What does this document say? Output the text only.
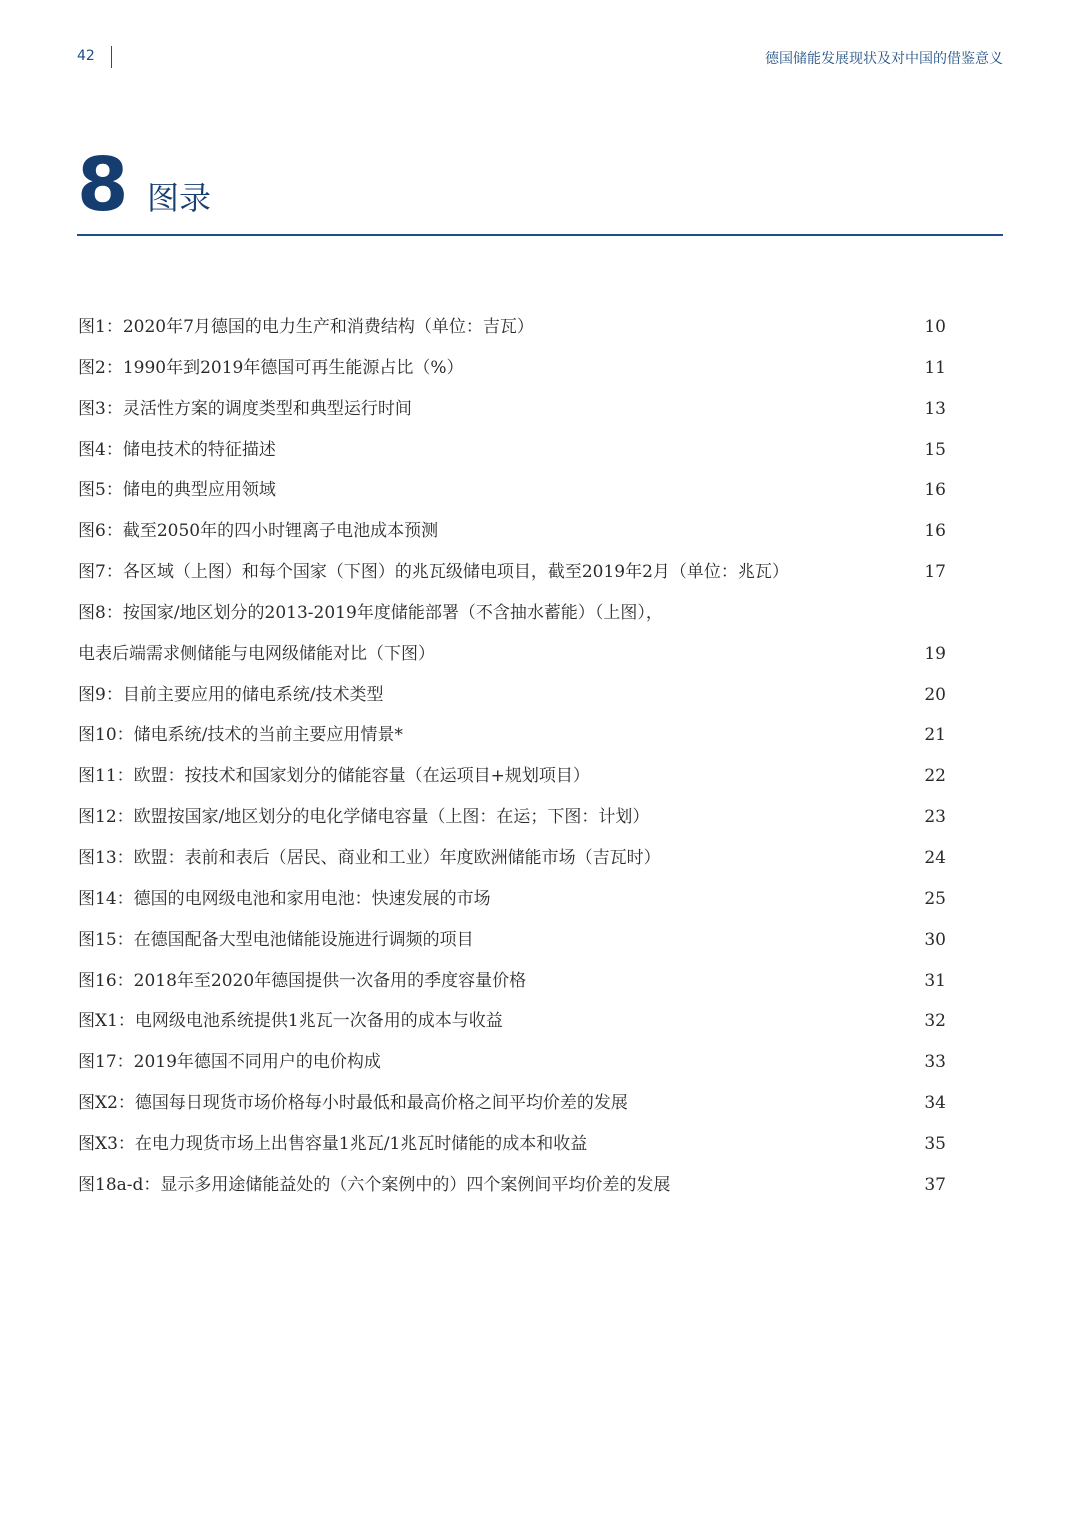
42	德国储能发展现状及对中国的借鉴意义
8 图录
图1：2020年7月德国的电力生产和消费结构（单位：吉瓦）	10
图2：1990年到2019年德国可再生能源占比（%）	11
图3：灵活性方案的调度类型和典型运行时间	13
图4：储电技术的特征描述	15
图5：储电的典型应用领域	16
图6：截至2050年的四小时锂离子电池成本预测	16
图7：各区域（上图）和每个国家（下图）的兆瓦级储电项目，截至2019年2月（单位：兆瓦）	17
图8：按国家/地区划分的2013-2019年度储能部署（不含抽水蓄能）（上图），
电表后端需求侧储能与电网级储能对比（下图）	19
图9：目前主要应用的储电系统/技术类型	20
图10：储电系统/技术的当前主要应用情景*	21
图11：欧盟：按技术和国家划分的储能容量（在运项目+规划项目）	22
图12：欧盟按国家/地区划分的电化学储电容量（上图：在运；下图：计划）	23
图13：欧盟：表前和表后（居民、商业和工业）年度欧洲储能市场（吉瓦时）	24
图14：德国的电网级电池和家用电池：快速发展的市场	25
图15：在德国配备大型电池储能设施进行调频的项目	30
图16：2018年至2020年德国提供一次备用的季度容量价格	31
图X1：电网级电池系统提供1兆瓦一次备用的成本与收益	32
图17：2019年德国不同用户的电价构成	33
图X2：德国每日现货市场价格每小时最低和最高价格之间平均价差的发展	34
图X3：在电力现货市场上出售容量1兆瓦/1兆瓦时储能的成本和收益	35
图18a-d：显示多用途储能益处的（六个案例中的）四个案例间平均价差的发展	37
